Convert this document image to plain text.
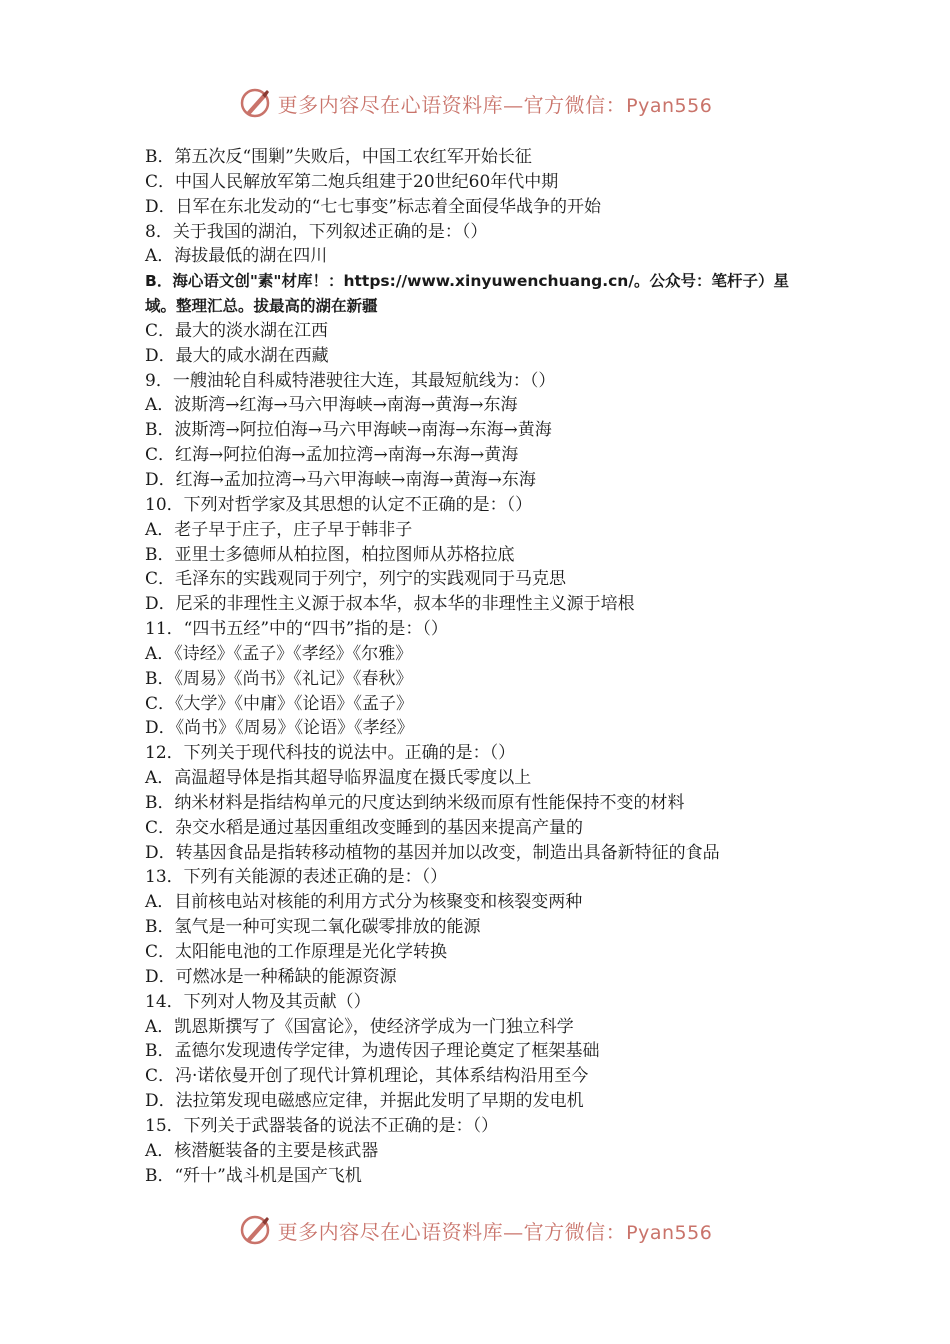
更多内容尽在心语资料库—官方微信：Pyan556
B．第五次反“围剿”失败后，中国工农红军开始长征
C．中国人民解放军第二炮兵组建于20世纪60年代中期
D．日军在东北发动的“七七事变”标志着全面侵华战争的开始
8．关于我国的湖泊，下列叙述正确的是：（）
A．海拔最低的湖在四川
B．海心语文创"素"材库！：https://www.xinyuwenchuang.cn/。公众号：笔杆子）星域。整理汇总。拔最高的湖在新疆
C．最大的淡水湖在江西
D．最大的咸水湖在西藏
9．一艘油轮自科威特港驶往大连，其最短航线为：（）
A．波斯湾→红海→马六甲海峡→南海→黄海→东海
B．波斯湾→阿拉伯海→马六甲海峡→南海→东海→黄海
C．红海→阿拉伯海→孟加拉湾→南海→东海→黄海
D．红海→孟加拉湾→马六甲海峡→南海→黄海→东海
10．下列对哲学家及其思想的认定不正确的是：（）
A．老子早于庄子，庄子早于韩非子
B．亚里士多德师从柏拉图，柏拉图师从苏格拉底
C．毛泽东的实践观同于列宁，列宁的实践观同于马克思
D．尼采的非理性主义源于叔本华，叔本华的非理性主义源于培根
11．“四书五经”中的“四书”指的是：（）
A．《诗经》《孟子》《孝经》《尔雅》
B．《周易》《尚书》《礼记》《春秋》
C．《大学》《中庸》《论语》《孟子》
D．《尚书》《周易》《论语》《孝经》
12．下列关于现代科技的说法中。正确的是：（）
A．高温超导体是指其超导临界温度在摄氏零度以上
B．纳米材料是指结构单元的尺度达到纳米级而原有性能保持不变的材料
C．杂交水稻是通过基因重组改变睡到的基因来提高产量的
D．转基因食品是指转移动植物的基因并加以改变，制造出具备新特征的食品
13．下列有关能源的表述正确的是：（）
A．目前核电站对核能的利用方式分为核聚变和核裂变两种
B．氢气是一种可实现二氧化碳零排放的能源
C．太阳能电池的工作原理是光化学转换
D．可燃冰是一种稀缺的能源资源
14．下列对人物及其贡献（）
A．凯恩斯撰写了《国富论》，使经济学成为一门独立科学
B．孟德尔发现遗传学定律，为遗传因子理论奠定了框架基础
C．冯·诺依曼开创了现代计算机理论，其体系结构沿用至今
D．法拉第发现电磁感应定律，并据此发明了早期的发电机
15．下列关于武器装备的说法不正确的是：（）
A．核潜艇装备的主要是核武器
B．“歼十”战斗机是国产飞机
更多内容尽在心语资料库—官方微信：Pyan556
